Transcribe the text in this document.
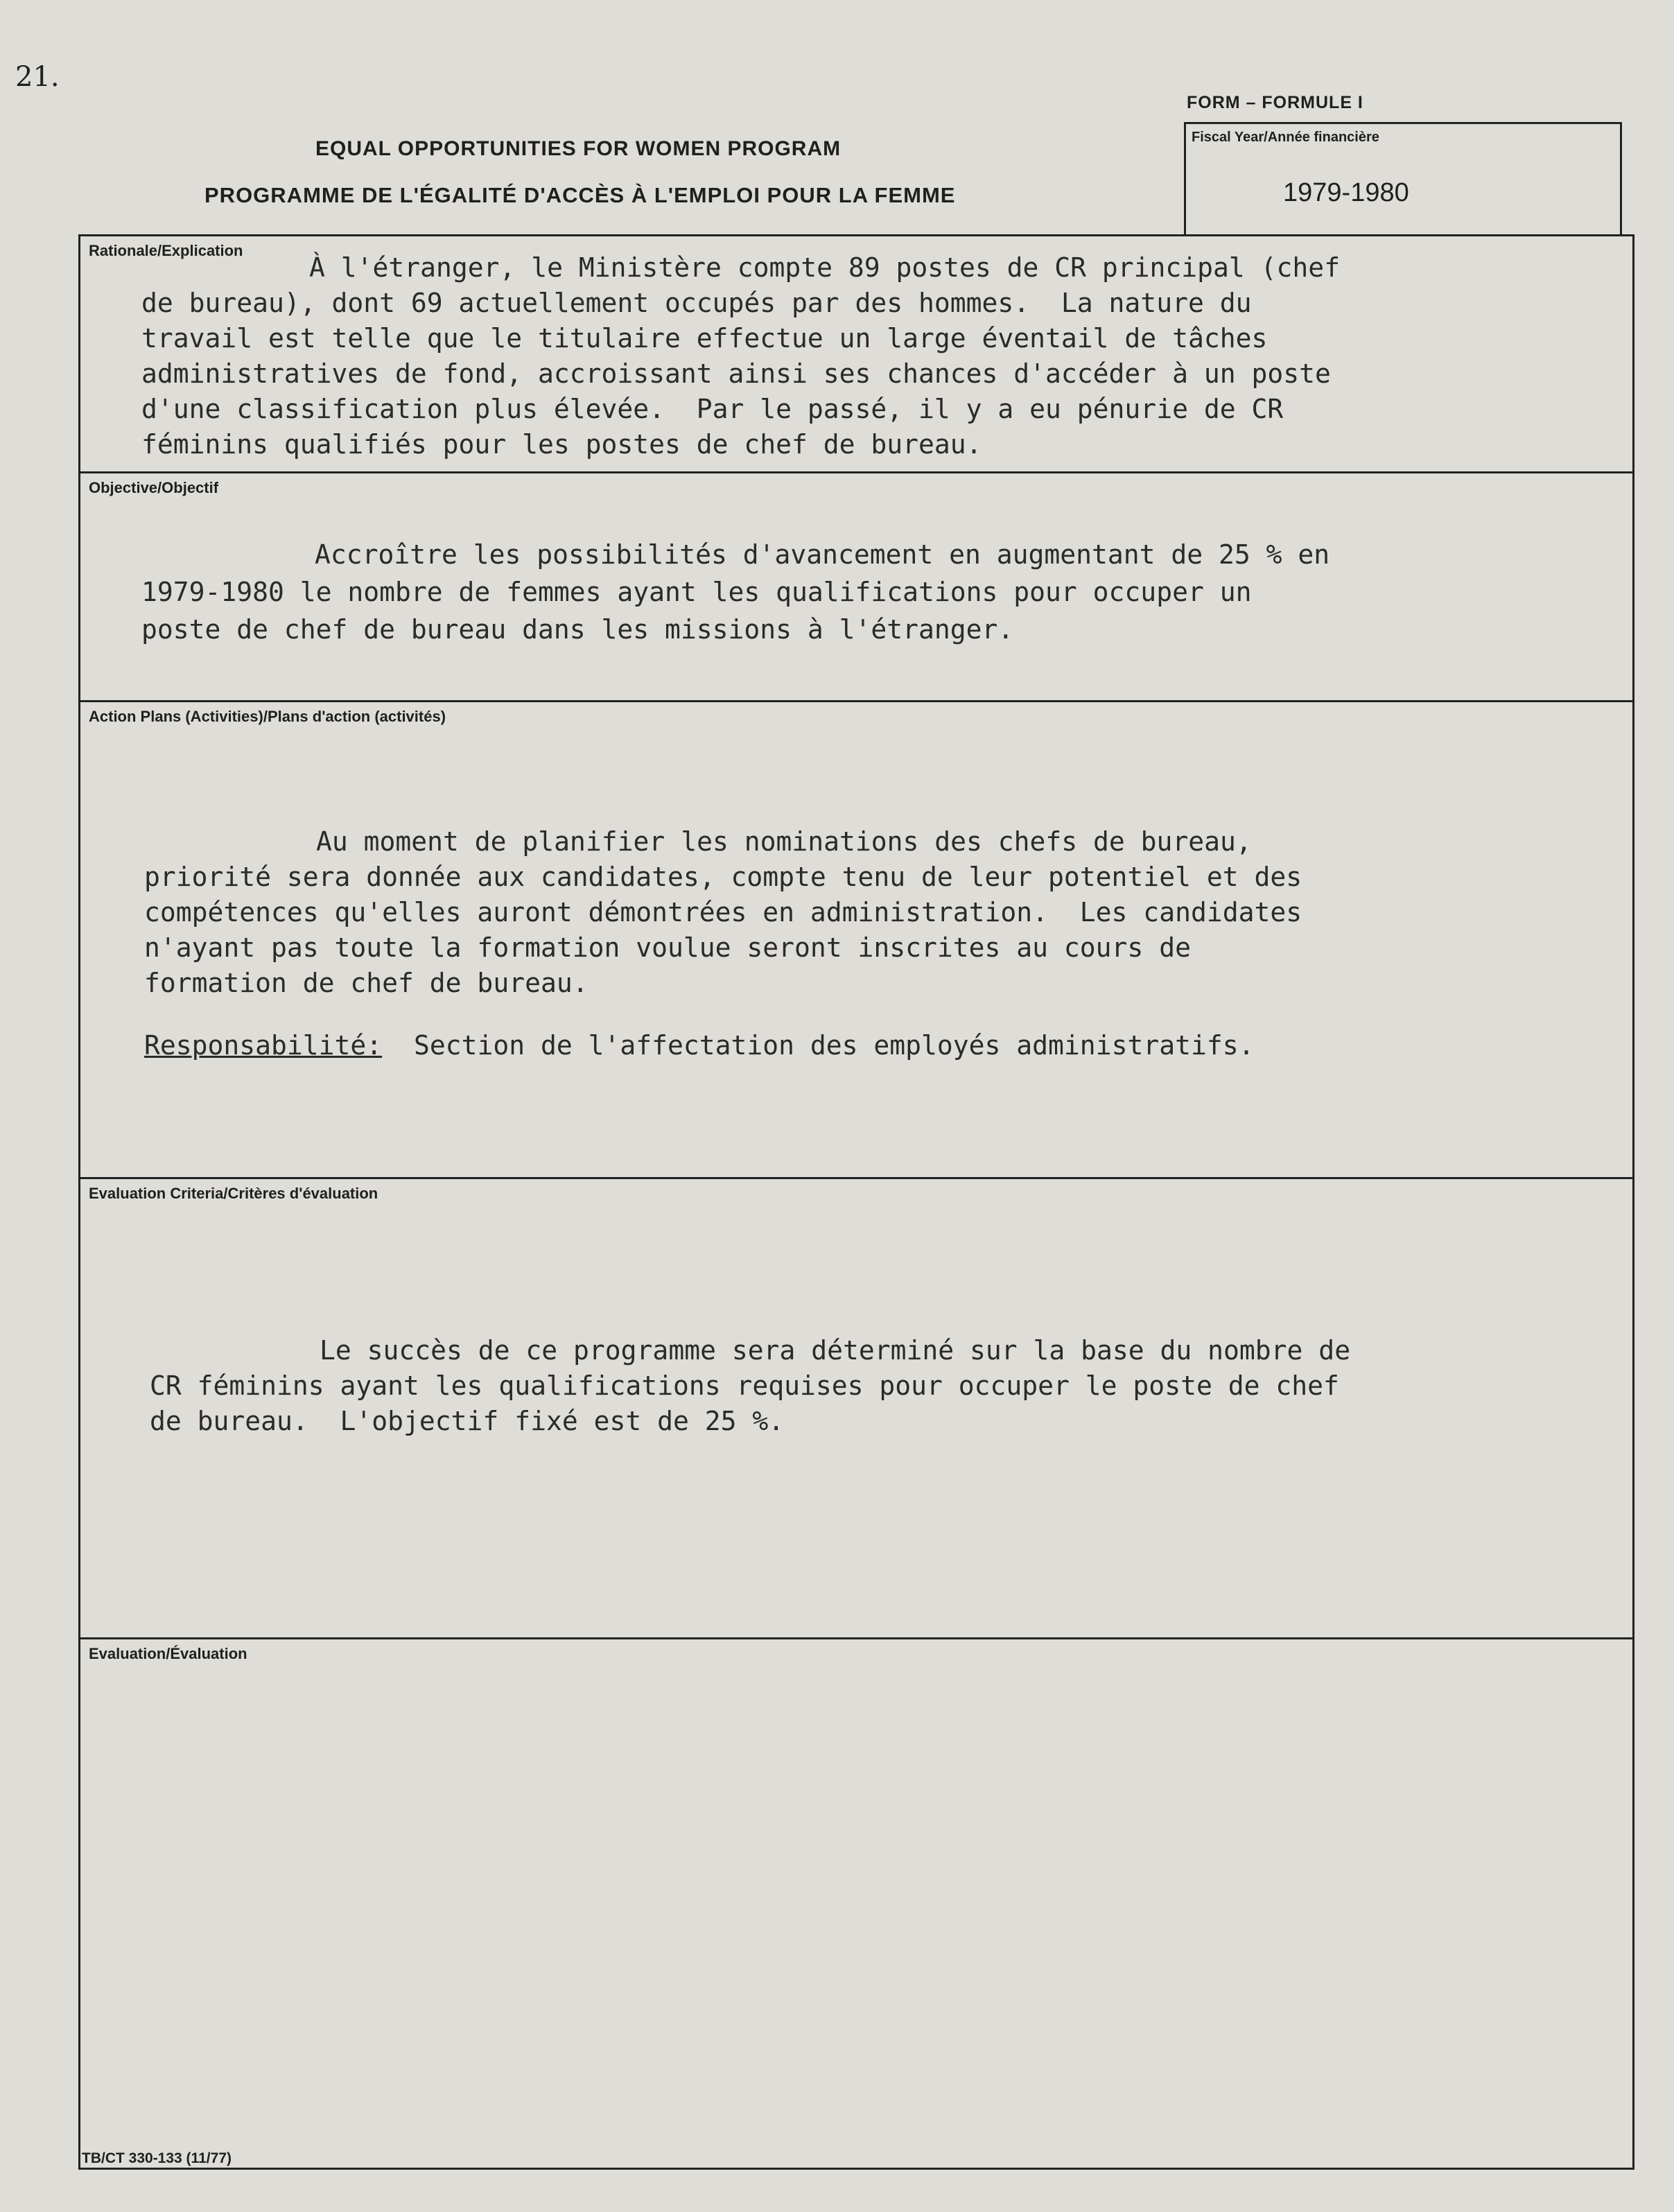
21.
FORM – FORMULE I
EQUAL OPPORTUNITIES FOR WOMEN PROGRAM
PROGRAMME DE L'ÉGALITÉ D'ACCÈS À L'EMPLOI POUR LA FEMME
Fiscal Year/Année financière
1979-1980
Rationale/Explication
À l'étranger, le Ministère compte 89 postes de CR principal (chef
de bureau), dont 69 actuellement occupés par des hommes.  La nature du
travail est telle que le titulaire effectue un large éventail de tâches
administratives de fond, accroissant ainsi ses chances d'accéder à un poste
d'une classification plus élevée.  Par le passé, il y a eu pénurie de CR
féminins qualifiés pour les postes de chef de bureau.
Objective/Objectif
Accroître les possibilités d'avancement en augmentant de 25 % en
1979-1980 le nombre de femmes ayant les qualifications pour occuper un
poste de chef de bureau dans les missions à l'étranger.
Action Plans (Activities)/Plans d'action (activités)
Au moment de planifier les nominations des chefs de bureau,
priorité sera donnée aux candidates, compte tenu de leur potentiel et des
compétences qu'elles auront démontrées en administration.  Les candidates
n'ayant pas toute la formation voulue seront inscrites au cours de
formation de chef de bureau.
Responsabilité: Section de l'affectation des employés administratifs.
Evaluation Criteria/Critères d'évaluation
Le succès de ce programme sera déterminé sur la base du nombre de
CR féminins ayant les qualifications requises pour occuper le poste de chef
de bureau.  L'objectif fixé est de 25 %.
Evaluation/Évaluation
TB/CT 330-133 (11/77)
